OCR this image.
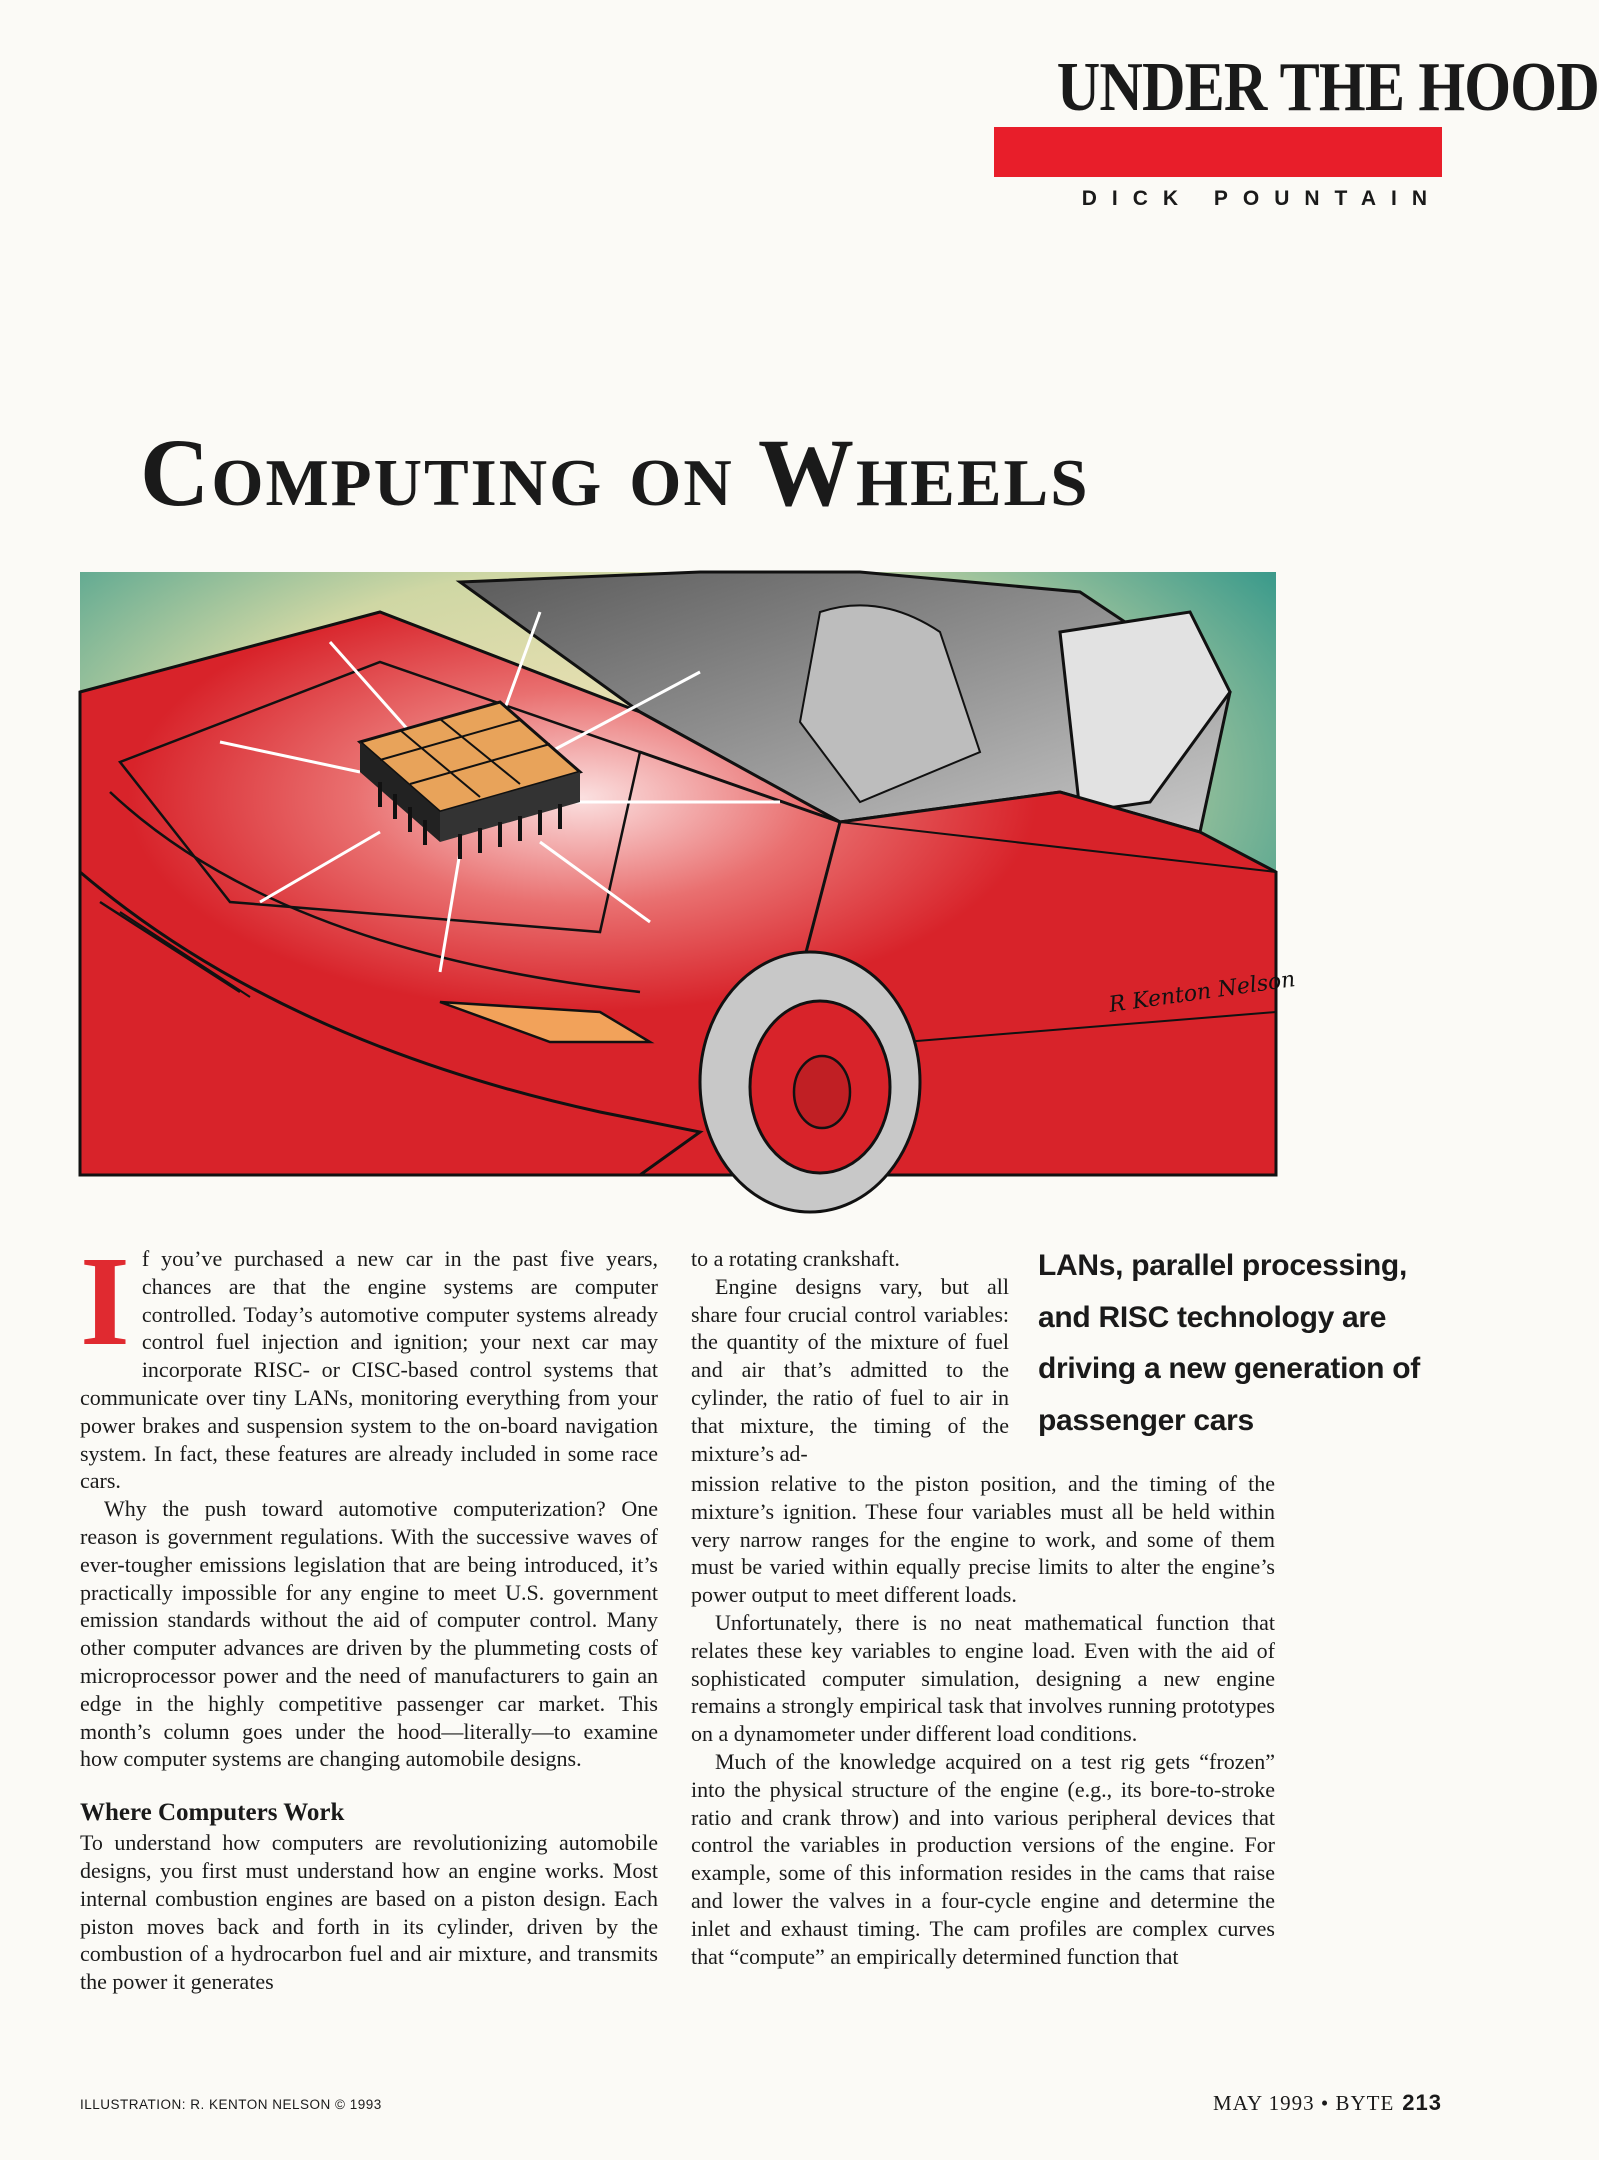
UNDER THE HOOD
DICK POUNTAIN
Computing on Wheels
R Kenton Nelson

If you’ve purchased a new car in the past five years, chances are that the engine systems are computer controlled. Today’s automotive computer systems already control fuel injection and ignition; your next car may incorporate RISC- or CISC-based control systems that communicate over tiny LANs, monitoring everything from your power brakes and suspension system to the on-board navigation system. In fact, these features are already included in some race cars.

Why the push toward automotive computerization? One reason is government regulations. With the successive waves of ever-tougher emissions legislation that are being introduced, it’s practically impossible for any engine to meet U.S. government emission standards without the aid of computer control. Many other computer advances are driven by the plummeting costs of microprocessor power and the need of manufacturers to gain an edge in the highly competitive passenger car market. This month’s column goes under the hood—literally—to examine how computer systems are changing automobile designs.

Where Computers Work

To understand how computers are revolutionizing automobile designs, you first must understand how an engine works. Most internal combustion engines are based on a piston design. Each piston moves back and forth in its cylinder, driven by the combustion of a hydrocarbon fuel and air mixture, and transmits the power it generates

to a rotating crankshaft.

Engine designs vary, but all share four crucial control variables: the quantity of the mixture of fuel and air that’s admitted to the cylinder, the ratio of fuel to air in that mixture, the timing of the mixture’s ad-

LANs, parallel processing, and RISC technology are driving a new generation of passenger cars

mission relative to the piston position, and the timing of the mixture’s ignition. These four variables must all be held within very narrow ranges for the engine to work, and some of them must be varied within equally precise limits to alter the engine’s power output to meet different loads.

Unfortunately, there is no neat mathematical function that relates these key variables to engine load. Even with the aid of sophisticated computer simulation, designing a new engine remains a strongly empirical task that involves running prototypes on a dynamometer under different load conditions.

Much of the knowledge acquired on a test rig gets “frozen” into the physical structure of the engine (e.g., its bore-to-stroke ratio and crank throw) and into various peripheral devices that control the variables in production versions of the engine. For example, some of this information resides in the cams that raise and lower the valves in a four-cycle engine and determine the inlet and exhaust timing. The cam profiles are complex curves that “compute” an empirically determined function that

ILLUSTRATION: R. KENTON NELSON © 1993	MAY 1993 • BYTE 213
